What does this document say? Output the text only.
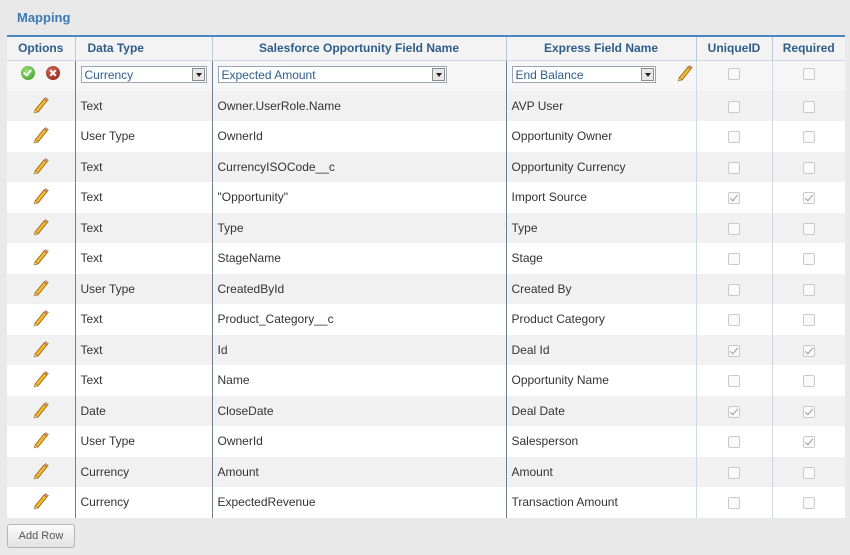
Mapping
Options	Data Type	Salesforce Opportunity Field Name	Express Field Name	UniqueID	Required
	Currency	Expected Amount	End Balance

	Text	Owner.UserRole.Name	AVP User		
	User Type	OwnerId	Opportunity Owner		
	Text	CurrencyISOCode__c	Opportunity Currency		
	Text	"Opportunity"	Import Source		
	Text	Type	Type		
	Text	StageName	Stage		
	User Type	CreatedById	Created By		
	Text	Product_Category__c	Product Category		
	Text	Id	Deal Id		
	Text	Name	Opportunity Name		
	Date	CloseDate	Deal Date		
	User Type	OwnerId	Salesperson		
	Currency	Amount	Amount		
	Currency	ExpectedRevenue	Transaction Amount		
Add Row
